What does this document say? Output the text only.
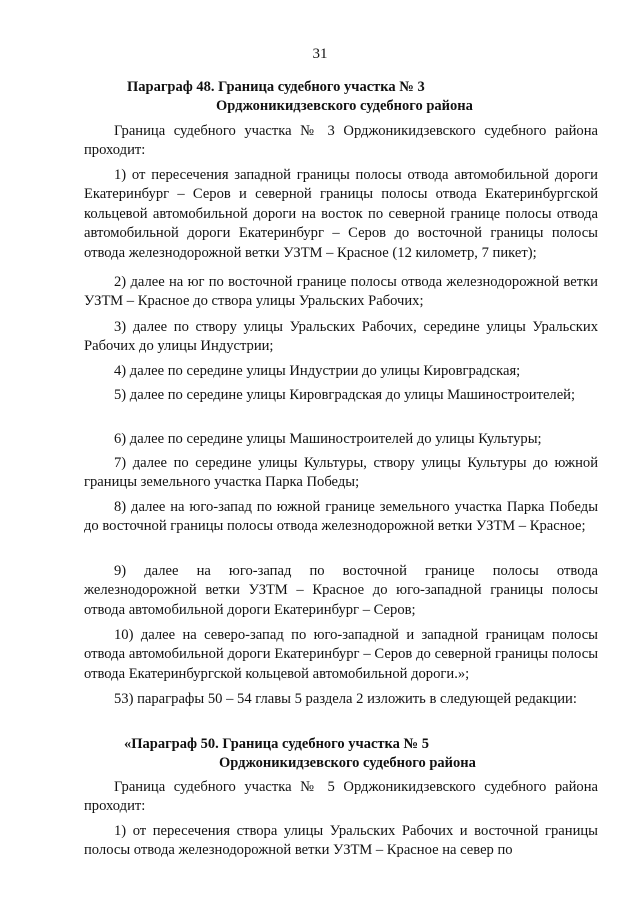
31
Параграф 48. Граница судебного участка № 3
Орджоникидзевского судебного района

Граница судебного участка № 3 Орджоникидзевского судебного района проходит:

1) от пересечения западной границы полосы отвода автомобильной дороги Екатеринбург – Серов и северной границы полосы отвода Екатеринбургской кольцевой автомобильной дороги на восток по северной границе полосы отвода автомобильной дороги Екатеринбург – Серов до восточной границы полосы отвода железнодорожной ветки УЗТМ – Красное (12 километр, 7 пикет);

2) далее на юг по восточной границе полосы отвода железнодорожной ветки УЗТМ – Красное до створа улицы Уральских Рабочих;

3) далее по створу улицы Уральских Рабочих, середине улицы Уральских Рабочих до улицы Индустрии;

4) далее по середине улицы Индустрии до улицы Кировградская;

5) далее по середине улицы Кировградская до улицы Машиностроителей;

6) далее по середине улицы Машиностроителей до улицы Культуры;

7) далее по середине улицы Культуры, створу улицы Культуры до южной границы земельного участка Парка Победы;

8) далее на юго-запад по южной границе земельного участка Парка Победы до восточной границы полосы отвода железнодорожной ветки УЗТМ – Красное;

9) далее на юго-запад по восточной границе полосы отвода железнодорожной ветки УЗТМ – Красное до юго-западной границы полосы отвода автомобильной дороги Екатеринбург – Серов;

10) далее на северо-запад по юго-западной и западной границам полосы отвода автомобильной дороги Екатеринбург – Серов до северной границы полосы отвода Екатеринбургской кольцевой автомобильной дороги.»;

53) параграфы 50 – 54 главы 5 раздела 2 изложить в следующей редакции:

«Параграф 50. Граница судебного участка № 5
Орджоникидзевского судебного района

Граница судебного участка № 5 Орджоникидзевского судебного района проходит:

1) от пересечения створа улицы Уральских Рабочих и восточной границы полосы отвода железнодорожной ветки УЗТМ – Красное на север по
